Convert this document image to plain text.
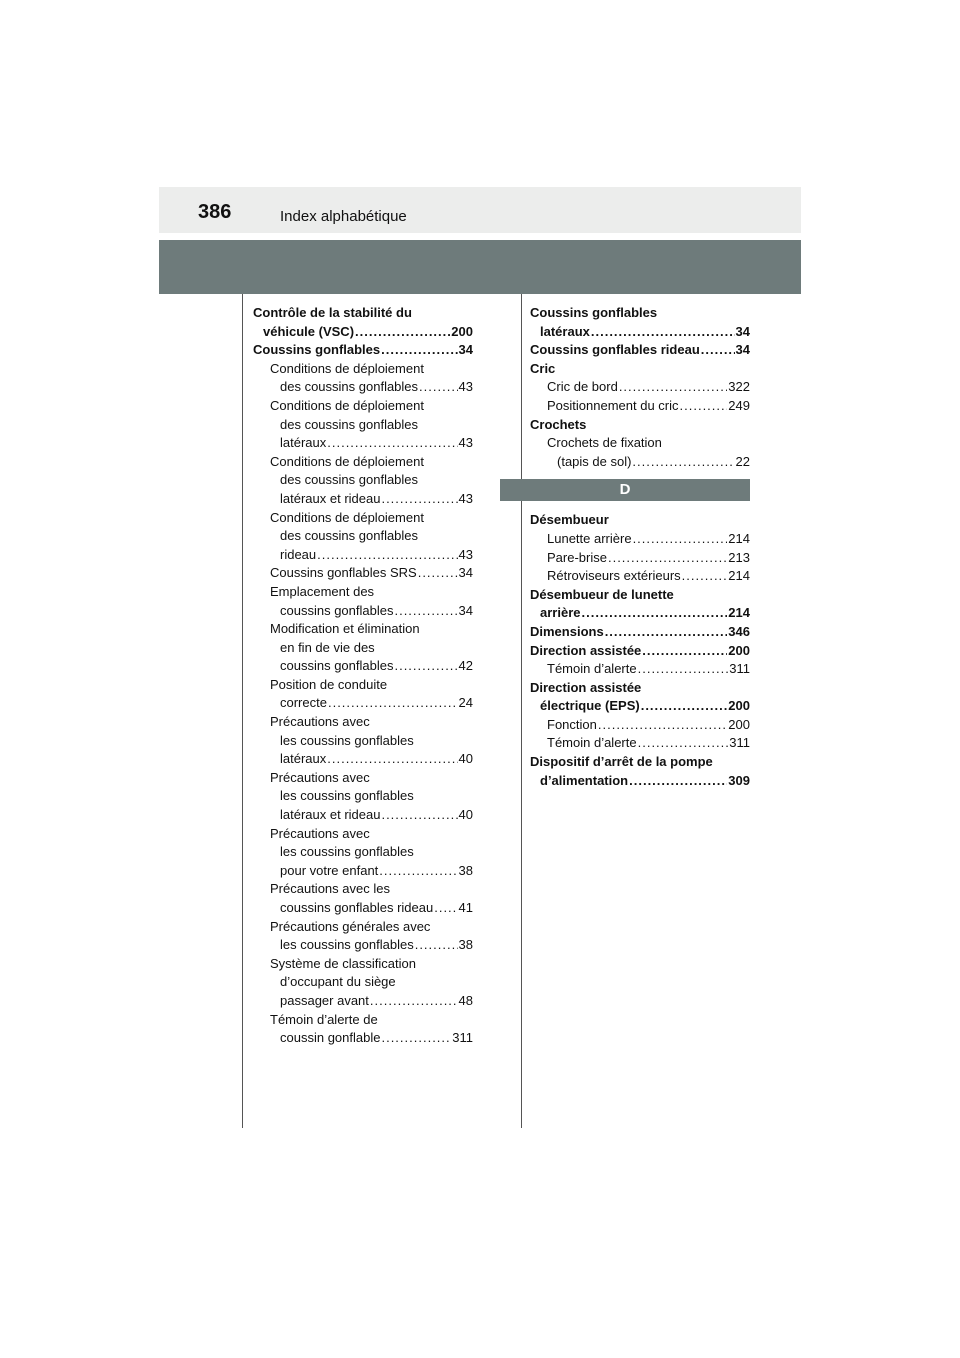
386	Index alphabétique
Contrôle de la stabilité du
véhicule (VSC) .....	200
Coussins gonflables .....	34
Conditions de déploiement
des coussins gonflables .....	43
Conditions de déploiement
des coussins gonflables
latéraux .....	43
Conditions de déploiement
des coussins gonflables
latéraux et rideau .....	43
Conditions de déploiement
des coussins gonflables
rideau .....	43
Coussins gonflables SRS .....	34
Emplacement des
coussins gonflables .....	34
Modification et élimination
en fin de vie des
coussins gonflables .....	42
Position de conduite
correcte .....	24
Précautions avec
les coussins gonflables
latéraux .....	40
Précautions avec
les coussins gonflables
latéraux et rideau .....	40
Précautions avec
les coussins gonflables
pour votre enfant .....	38
Précautions avec les
coussins gonflables rideau ..... 41
Précautions générales avec
les coussins gonflables .....	38
Système de classification
d’occupant du siège
passager avant .....	48
Témoin d’alerte de
coussin gonflable .....	311
Coussins gonflables
latéraux .....	34
Coussins gonflables rideau .....	34
Cric
Cric de bord .....	322
Positionnement du cric .....	249
Crochets
Crochets de fixation
(tapis de sol) .....	22
D
Désembueur
Lunette arrière .....	214
Pare-brise .....	213
Rétroviseurs extérieurs .....	214
Désembueur de lunette
arrière .....	214
Dimensions .....	346
Direction assistée .....	200
Témoin d’alerte .....	311
Direction assistée
électrique (EPS) .....	200
Fonction .....	200
Témoin d’alerte .....	311
Dispositif d’arrêt de la pompe
d’alimentation .....	309
